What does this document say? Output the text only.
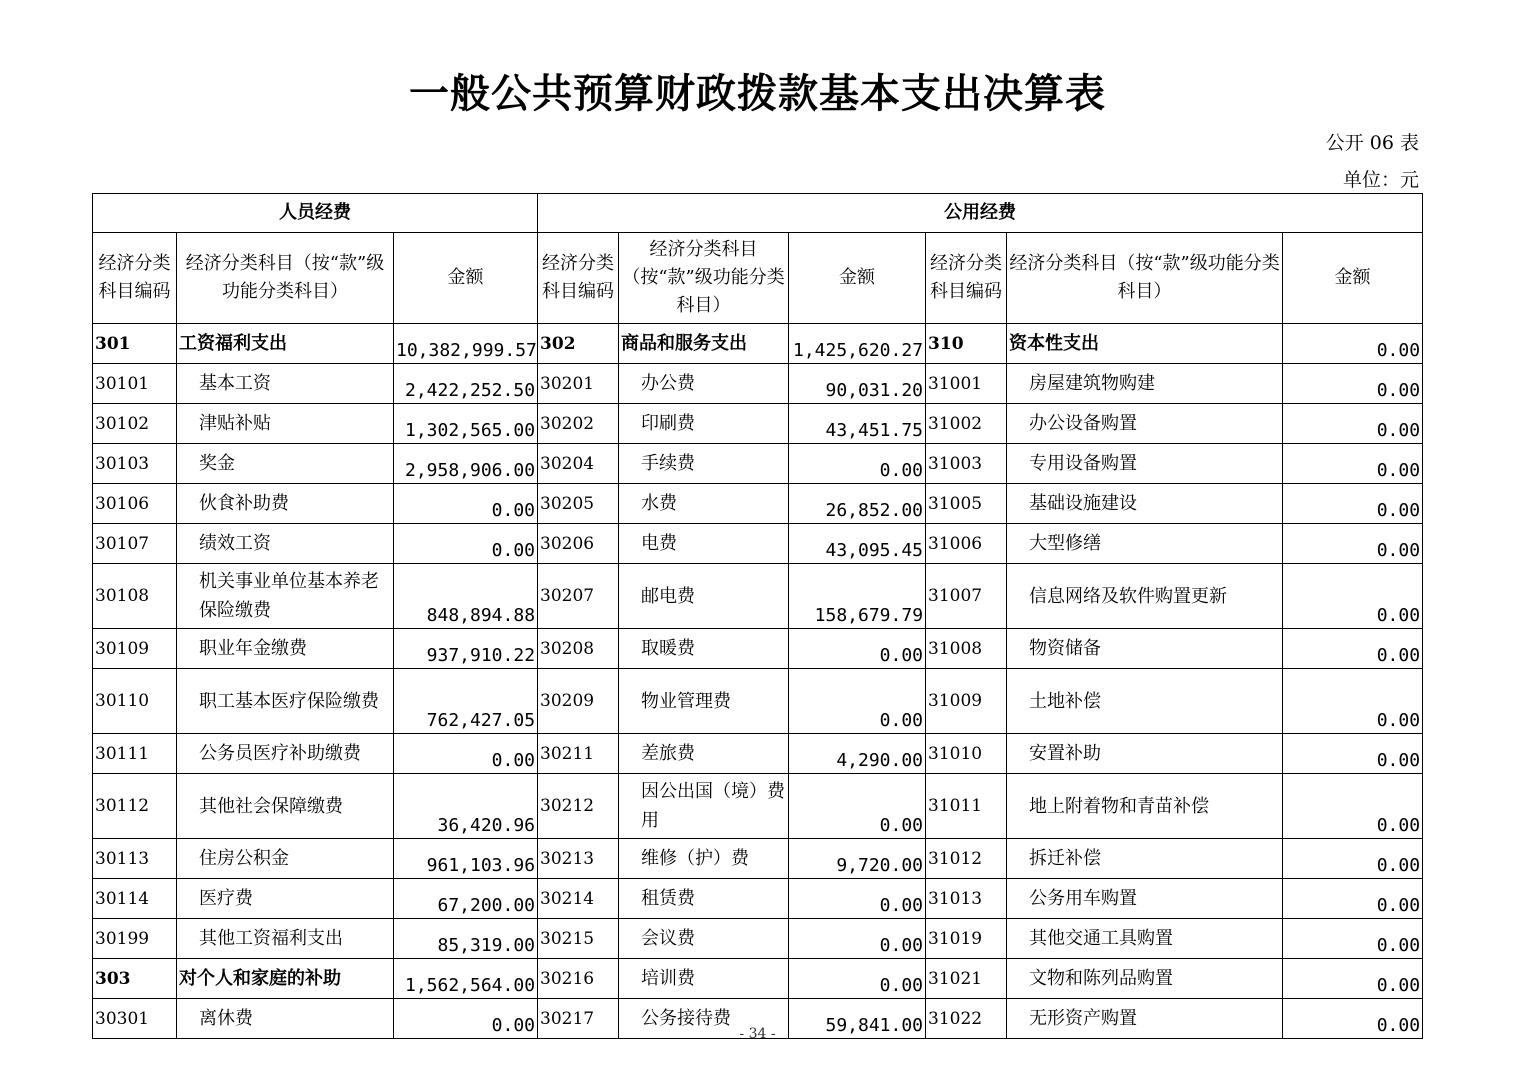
一般公共预算财政拨款基本支出决算表
公开 06 表
单位：元
人员经费			公用经费					
经济分类科目编码	经济分类科目（按“款”级功能分类科目）	金额	经济分类科目编码	经济分类科目（按“款”级功能分类科目）	金额	经济分类科目编码	经济分类科目（按“款”级功能分类科目）	金额
301	工资福利支出	10,382,999.57	302	商品和服务支出	1,425,620.27	310	资本性支出	0.00
30101	基本工资	2,422,252.50	30201	办公费	90,031.20	31001	房屋建筑物购建	0.00
30102	津贴补贴	1,302,565.00	30202	印刷费	43,451.75	31002	办公设备购置	0.00
30103	奖金	2,958,906.00	30204	手续费	0.00	31003	专用设备购置	0.00
30106	伙食补助费	0.00	30205	水费	26,852.00	31005	基础设施建设	0.00
30107	绩效工资	0.00	30206	电费	43,095.45	31006	大型修缮	0.00
30108	机关事业单位基本养老保险缴费	848,894.88	30207	邮电费	158,679.79	31007	信息网络及软件购置更新	0.00
30109	职业年金缴费	937,910.22	30208	取暖费	0.00	31008	物资储备	0.00
30110	职工基本医疗保险缴费	762,427.05	30209	物业管理费	0.00	31009	土地补偿	0.00
30111	公务员医疗补助缴费	0.00	30211	差旅费	4,290.00	31010	安置补助	0.00
30112	其他社会保障缴费	36,420.96	30212	因公出国（境）费用	0.00	31011	地上附着物和青苗补偿	0.00
30113	住房公积金	961,103.96	30213	维修（护）费	9,720.00	31012	拆迁补偿	0.00
30114	医疗费	67,200.00	30214	租赁费	0.00	31013	公务用车购置	0.00
30199	其他工资福利支出	85,319.00	30215	会议费	0.00	31019	其他交通工具购置	0.00
303	对个人和家庭的补助	1,562,564.00	30216	培训费	0.00	31021	文物和陈列品购置	0.00
30301	离休费	0.00	30217	公务接待费	59,841.00	31022	无形资产购置	0.00
- 34 -
